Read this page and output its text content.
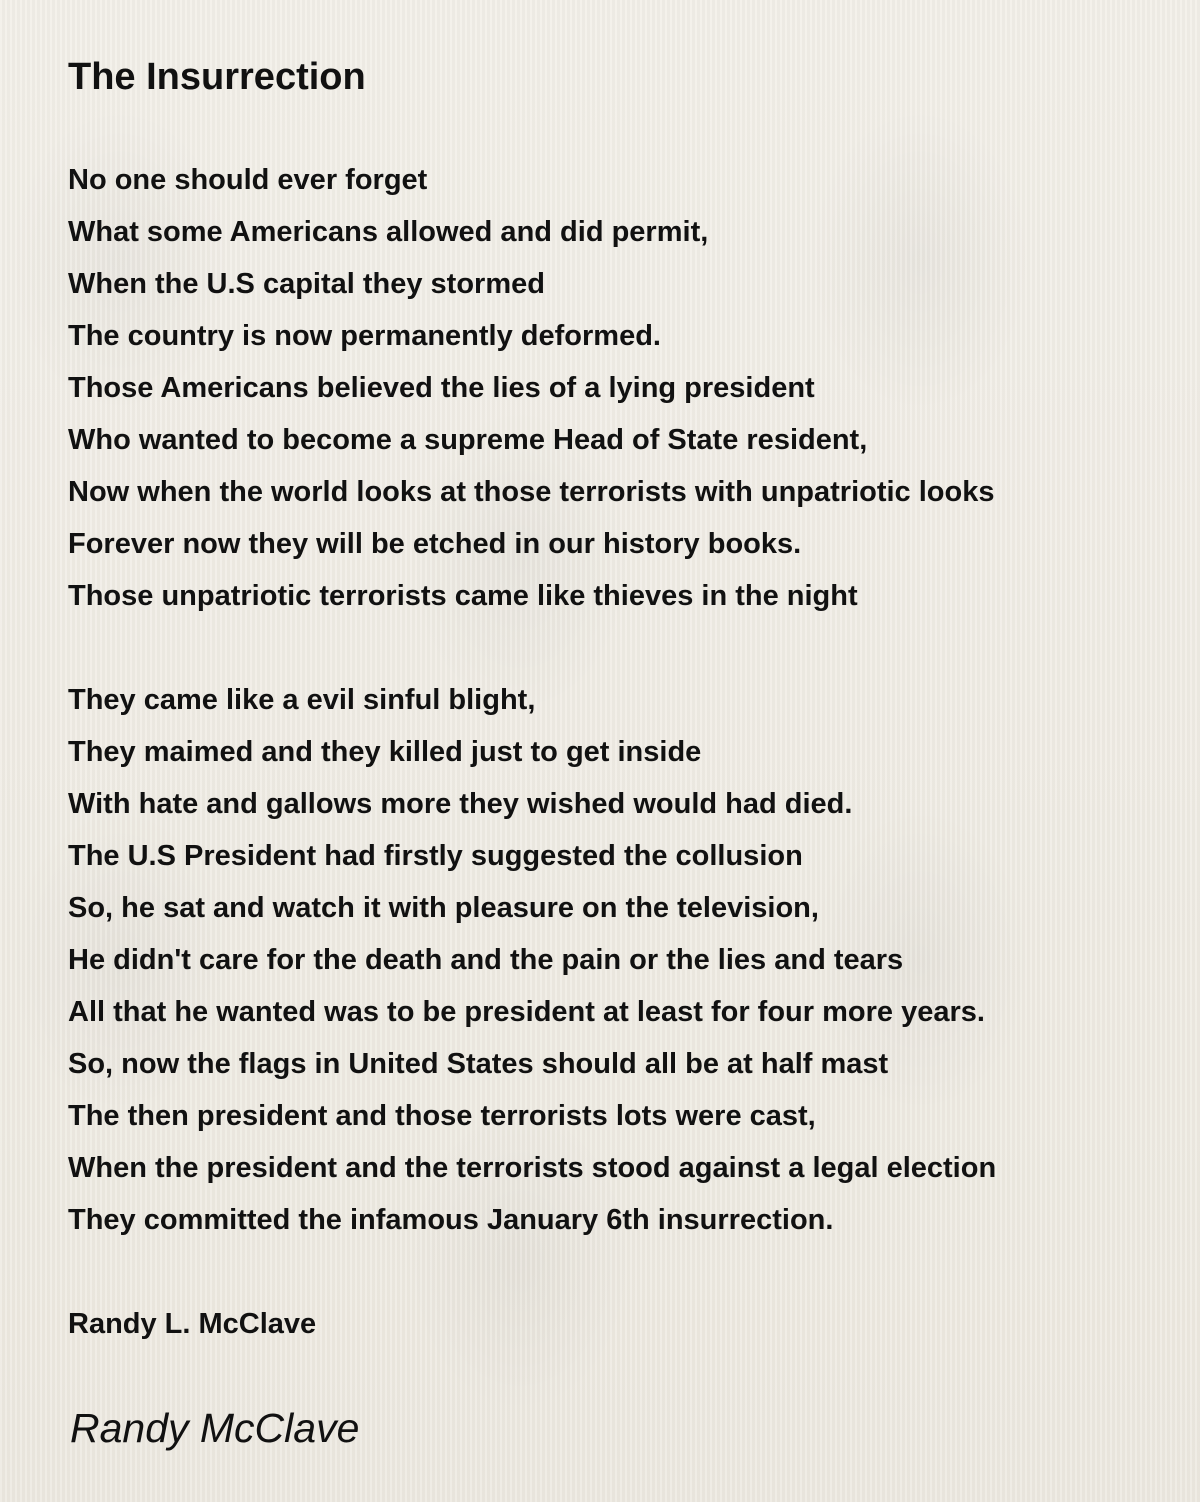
The Insurrection
No one should ever forget
What some Americans allowed and did permit,
When the U.S capital they stormed
The country is now permanently deformed.
Those Americans believed the lies of a lying president
Who wanted to become a supreme Head of State resident,
Now when the world looks at those terrorists with unpatriotic looks
Forever now they will be etched in our history books.
Those unpatriotic terrorists came like thieves in the night
They came like a evil sinful blight,
They maimed and they killed just to get inside
With hate and gallows more they wished would had died.
The U.S President had firstly suggested the collusion
So, he sat and watch it with pleasure on the television,
He didn't care for the death and the pain or the lies and tears
All that he wanted was to be president at least for four more years.
So, now the flags in United States should all be at half mast
The then president and those terrorists lots were cast,
When the president and the terrorists stood against a legal election
They committed the infamous January 6th insurrection.
Randy L. McClave
Randy McClave
